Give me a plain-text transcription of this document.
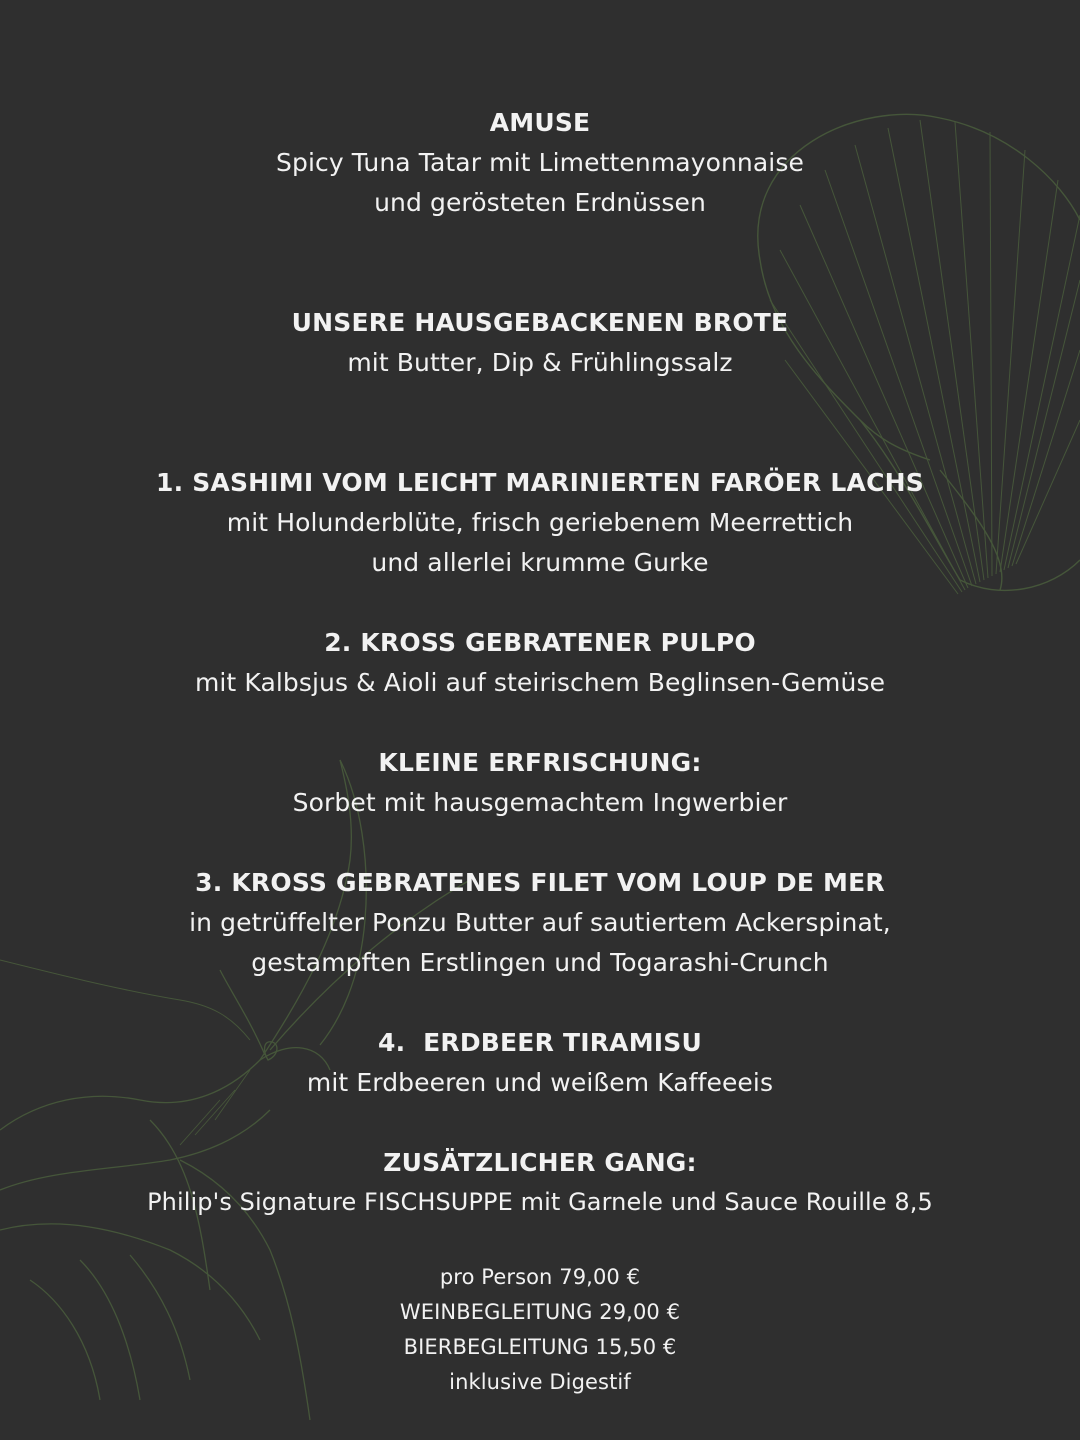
AMUSE
Spicy Tuna Tatar mit Limettenmayonnaise
und gerösteten Erdnüssen
UNSERE HAUSGEBACKENEN BROTE
mit Butter, Dip & Frühlingssalz
1. SASHIMI VOM LEICHT MARINIERTEN FARÖER LACHS
mit Holunderblüte, frisch geriebenem Meerrettich
und allerlei krumme Gurke
2. KROSS GEBRATENER PULPO
mit Kalbsjus & Aioli auf steirischem Beglinsen-Gemüse
KLEINE ERFRISCHUNG:
Sorbet mit hausgemachtem Ingwerbier
3. KROSS GEBRATENES FILET VOM LOUP DE MER
in getrüffelter Ponzu Butter auf sautiertem Ackerspinat,
gestampften Erstlingen und Togarashi-Crunch
4.  ERDBEER TIRAMISU
mit Erdbeeren und weißem Kaffeeeis
ZUSÄTZLICHER GANG:
Philip's Signature FISCHSUPPE mit Garnele und Sauce Rouille 8,5
pro Person 79,00 €
WEINBEGLEITUNG 29,00 €
BIERBEGLEITUNG 15,50 €
inklusive Digestif
